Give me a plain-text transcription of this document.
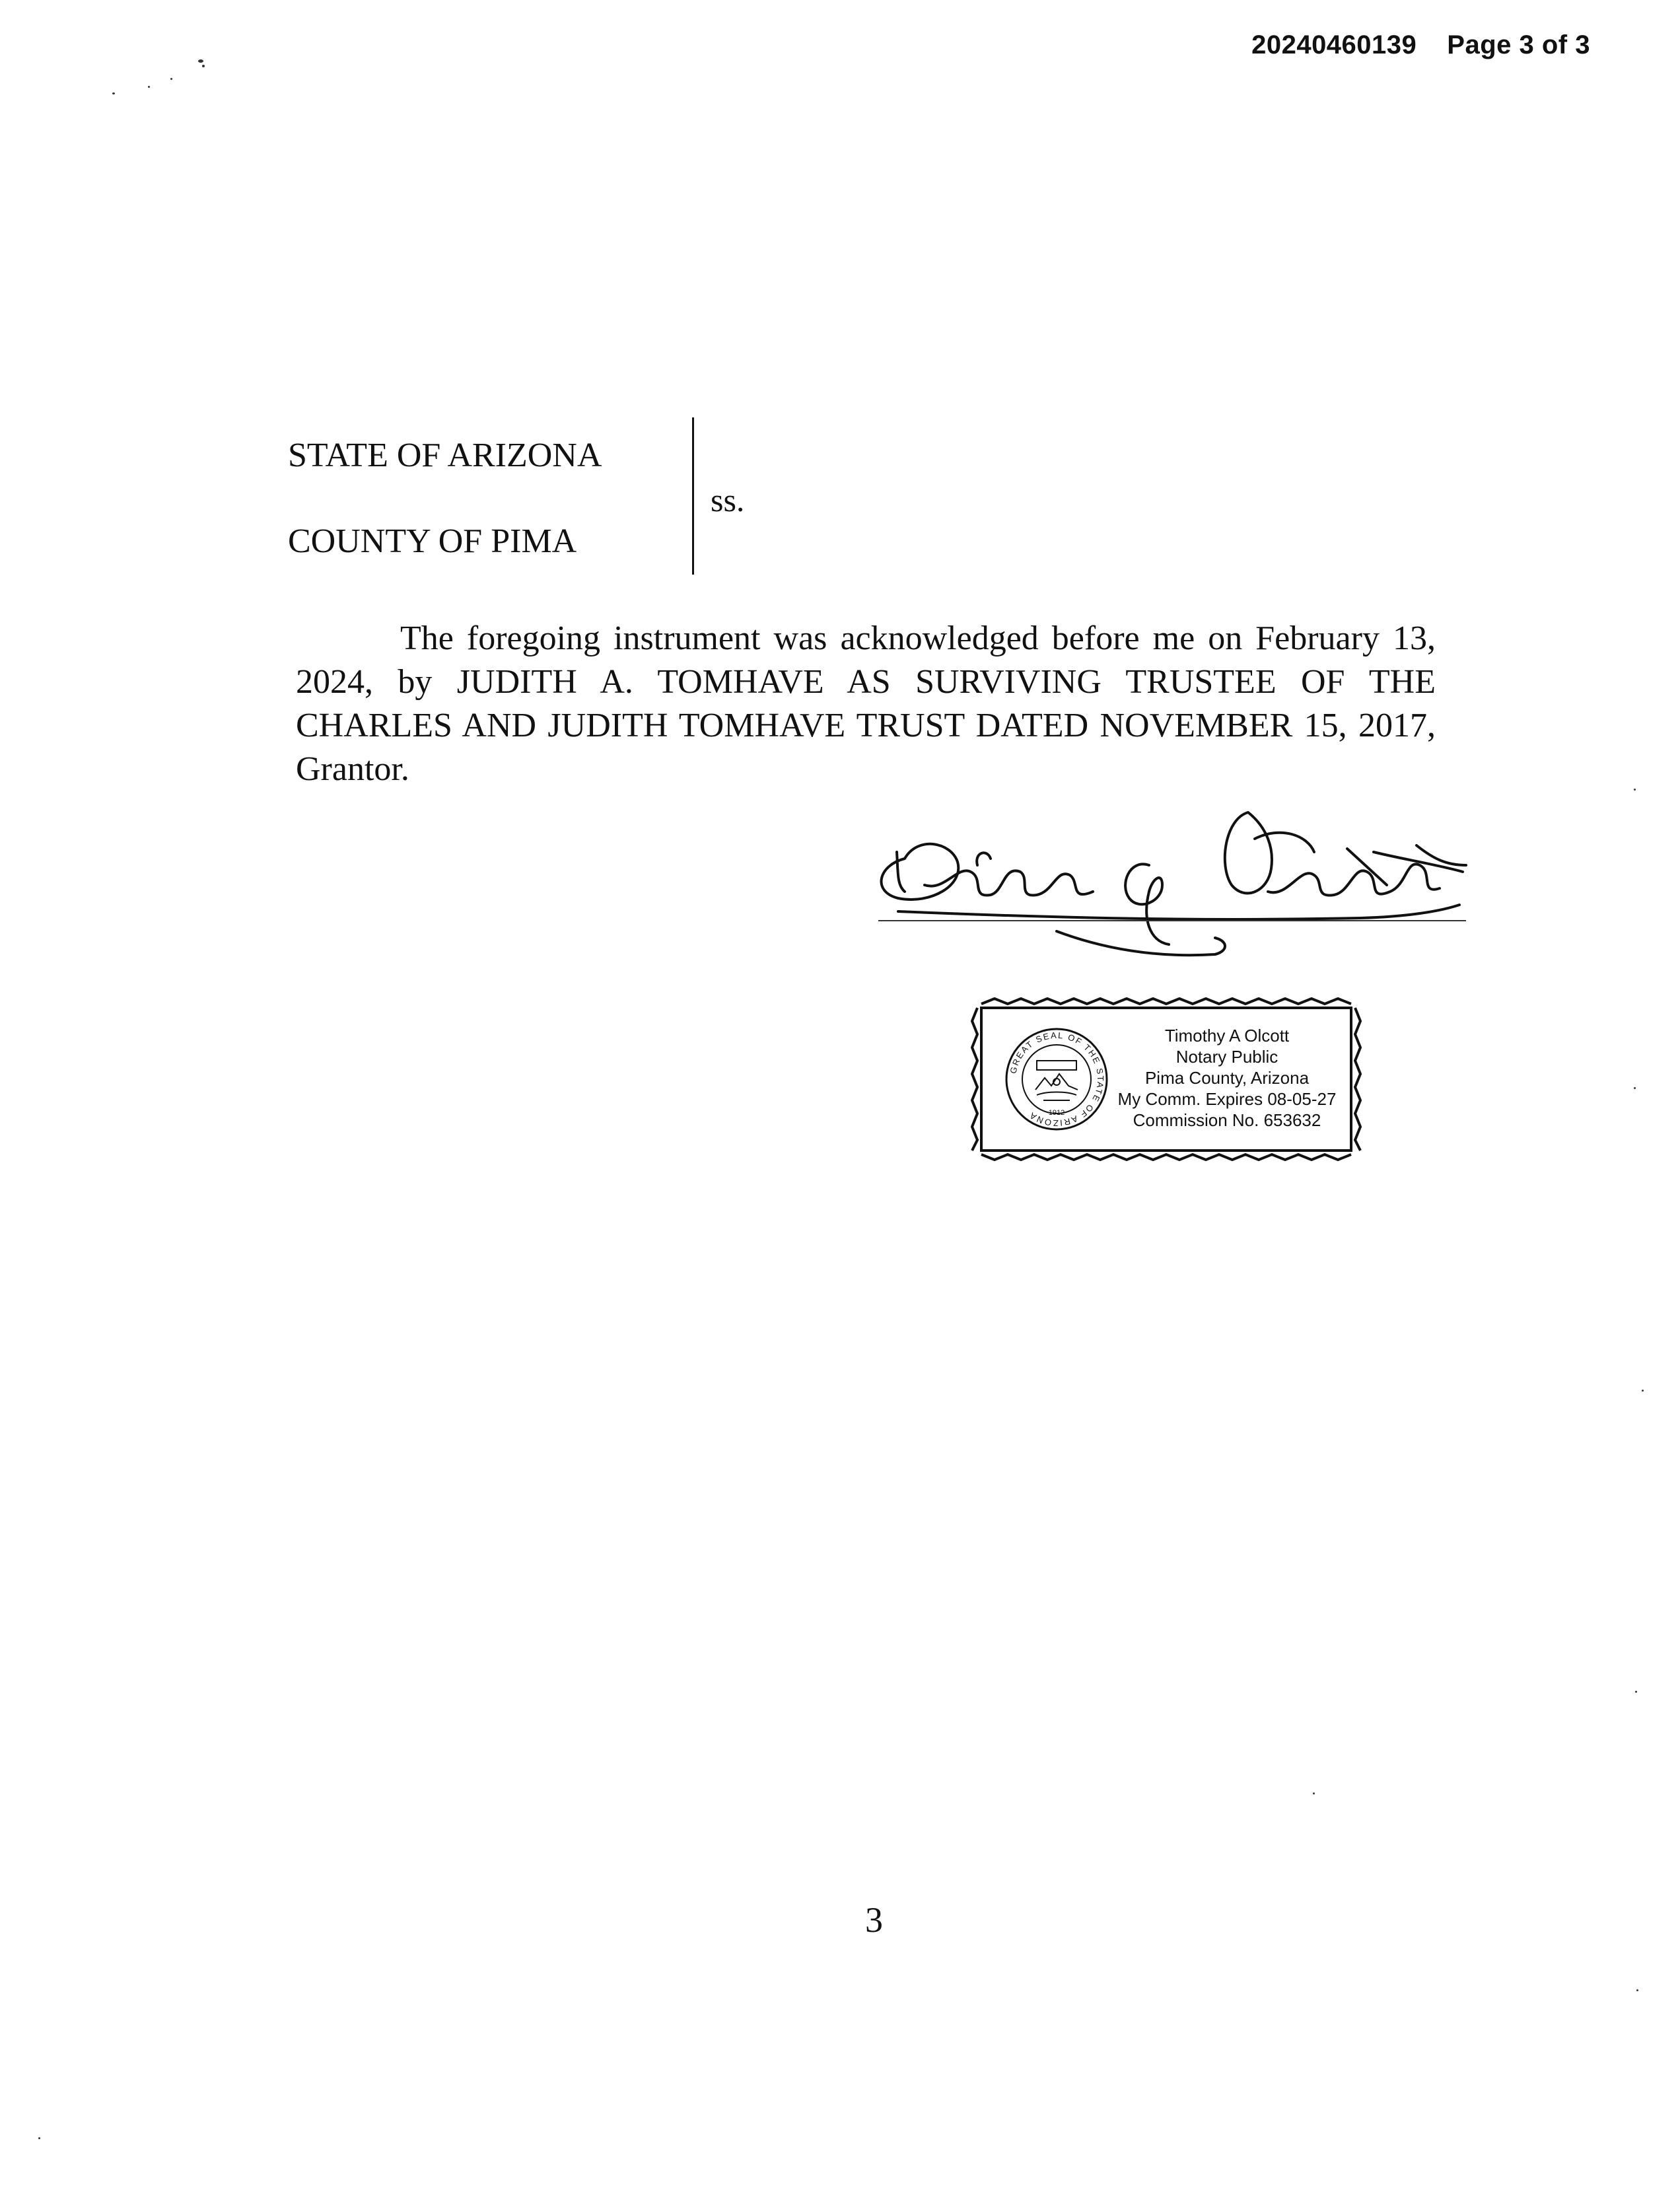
20240460139 Page 3 of 3
STATE OF ARIZONA
COUNTY OF PIMA
ss.
The foregoing instrument was acknowledged before me on February 13, 2024, by JUDITH A. TOMHAVE AS SURVIVING TRUSTEE OF THE CHARLES AND JUDITH TOMHAVE TRUST DATED NOVEMBER 15, 2017, Grantor.
GREAT SEAL OF THE STATE OF ARIZONA	1912
Timothy A Olcott
Notary Public
Pima County, Arizona
My Comm. Expires 08-05-27
Commission No. 653632
3
